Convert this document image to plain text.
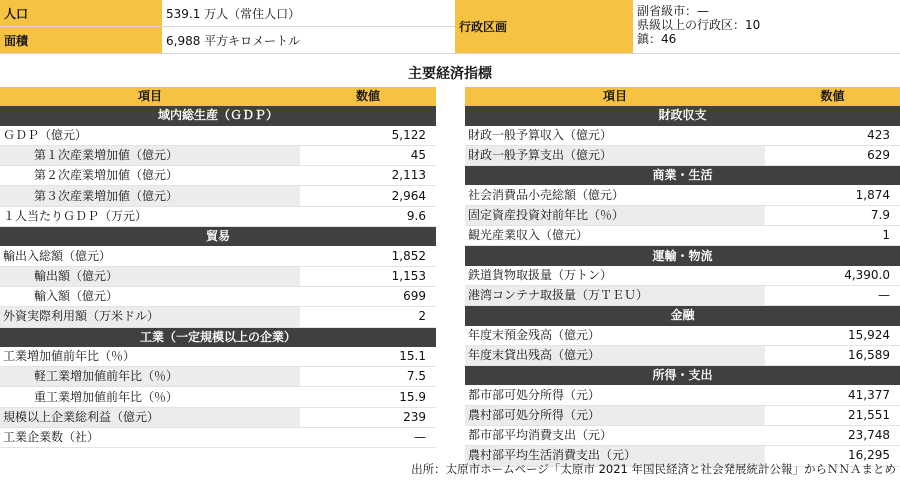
人口	539.1 万人（常住人口）	行政区画	副省級市：—
県級以上の行政区：10
鎮：46

面積	6,988 平方キロメートル		
主要経済指標
項目	数値
域内総生産（ＧＤＰ）	
ＧＤＰ（億元）	5,122
第１次産業増加値（億元）	45
第２次産業増加値（億元）	2,113
第３次産業増加値（億元）	2,964
１人当たりＧＤＰ（万元）	9.6
貿易	
輸出入総額（億元）	1,852
輸出額（億元）	1,153
輸入額（億元）	699
外資実際利用額（万米ドル）	2
工業（一定規模以上の企業）	
工業増加値前年比（％）	15.1
軽工業増加値前年比（％）	7.5
重工業増加値前年比（％）	15.9
規模以上企業総利益（億元）	239
工業企業数（社）	—
項目	数値
財政収支	
財政一般予算収入（億元）	423
財政一般予算支出（億元）	629
商業・生活	
社会消費品小売総額（億元）	1,874
固定資産投資対前年比（％）	7.9
観光産業収入（億元）	1
運輸・物流	
鉄道貨物取扱量（万トン）	4,390.0
港湾コンテナ取扱量（万ＴＥＵ）	—
金融	
年度末預金残高（億元）	15,924
年度末貸出残高（億元）	16,589
所得・支出	
都市部可処分所得（元）	41,377
農村部可処分所得（元）	21,551
都市部平均消費支出（元）	23,748
農村部平均生活消費支出（元）	16,295
出所：太原市ホームページ「太原市 2021 年国民経済と社会発展統計公報」からＮＮＡまとめ
